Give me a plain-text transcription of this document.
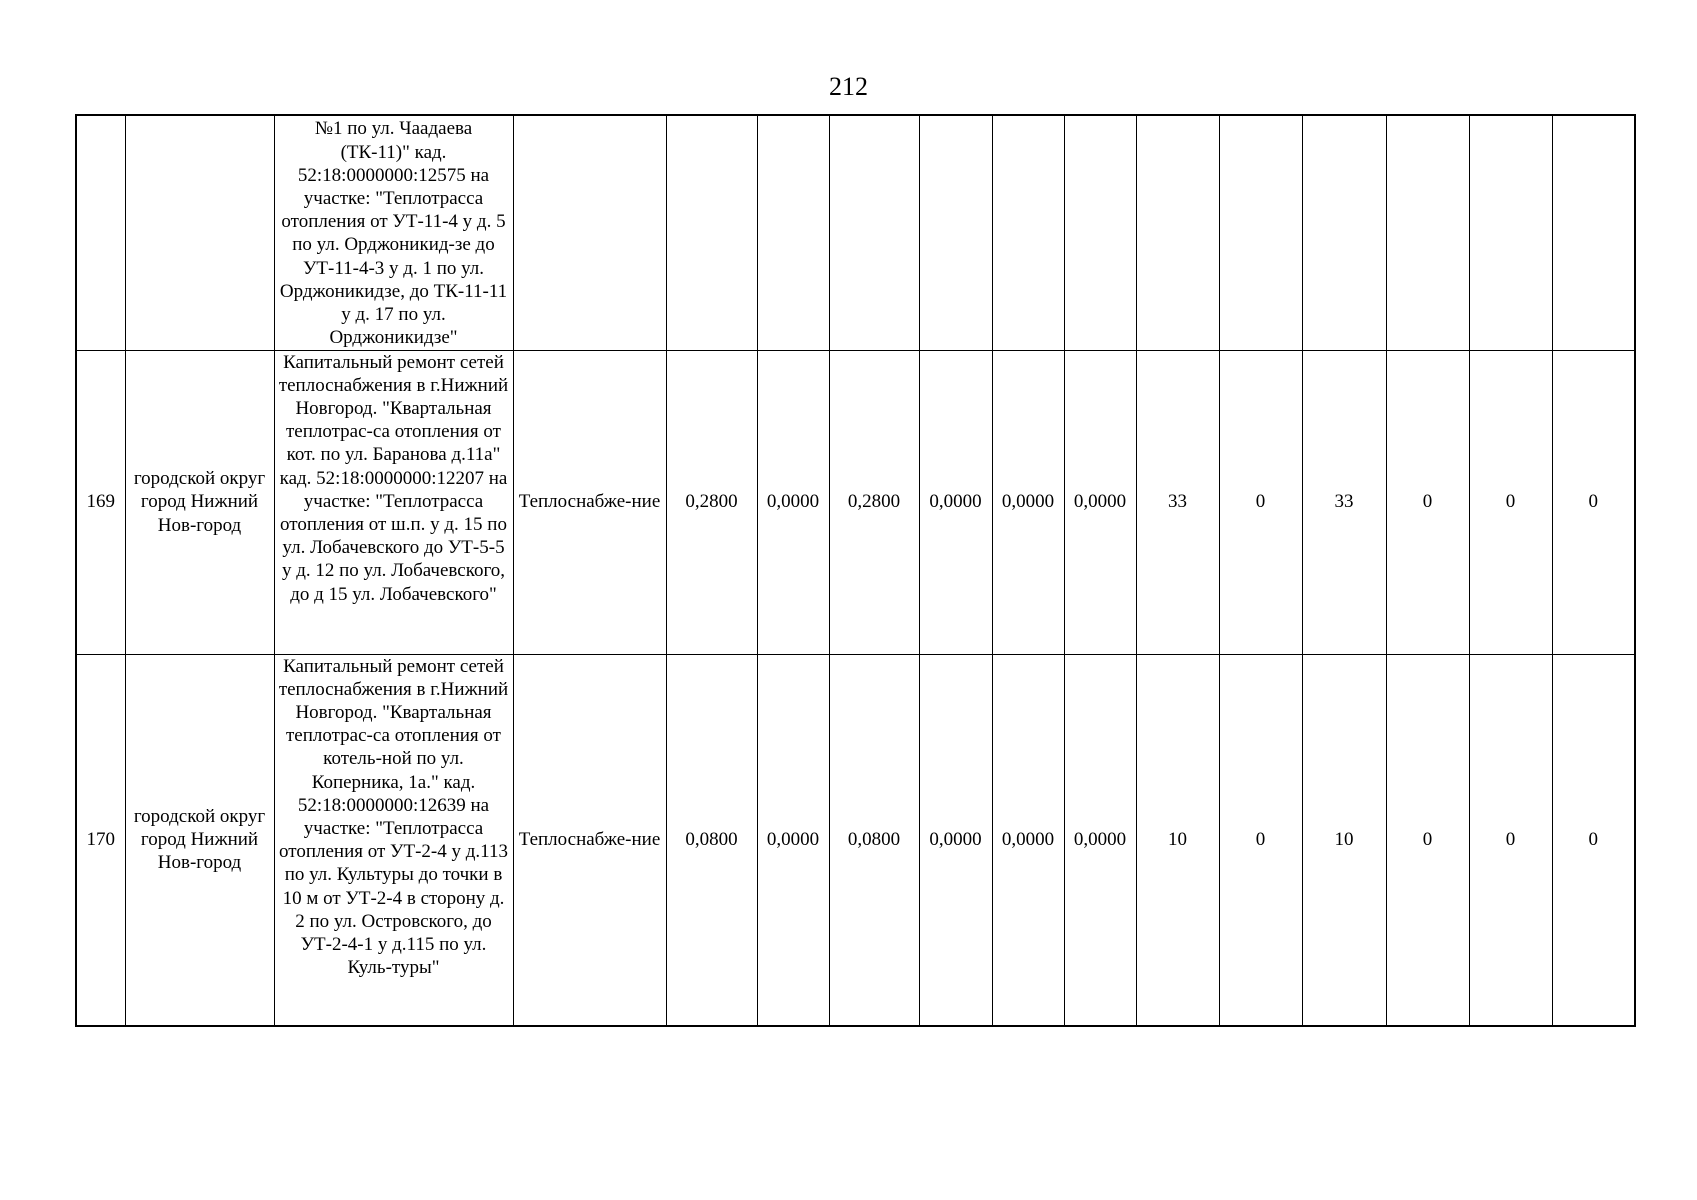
212
		№1 по ул. Чаадаева (ТК-11)" кад. 52:18:0000000:12575 на участке: "Теплотрасса отопления от УТ-11-4 у д. 5 по ул. Орджоникид-зе до УТ-11-4-3 у д. 1 по ул. Орджоникидзе, до ТК-11-11 у д. 17 по ул. Орджоникидзе"													
169	городской округ город Нижний Нов-город	Капитальный ремонт сетей теплоснабжения в г.Нижний Новгород. "Квартальная теплотрас-са отопления от кот. по ул. Баранова д.11а" кад. 52:18:0000000:12207 на участке: "Теплотрасса отопления от ш.п. у д. 15 по ул. Лобачевского до УТ-5-5 у д. 12 по ул. Лобачевского, до д 15 ул. Лобачевского"	Теплоснабже-ние	0,2800	0,0000	0,2800	0,0000	0,0000	0,0000	33	0	33	0	0	0
170	городской округ город Нижний Нов-город	Капитальный ремонт сетей теплоснабжения в г.Нижний Новгород. "Квартальная теплотрас-са отопления от котель-ной по ул. Коперника, 1а." кад. 52:18:0000000:12639 на участке: "Теплотрасса отопления от УТ-2-4 у д.113 по ул. Культуры до точки в 10 м от УТ-2-4 в сторону д. 2 по ул. Островского, до УТ-2-4-1 у д.115 по ул. Куль-туры"	Теплоснабже-ние	0,0800	0,0000	0,0800	0,0000	0,0000	0,0000	10	0	10	0	0	0
